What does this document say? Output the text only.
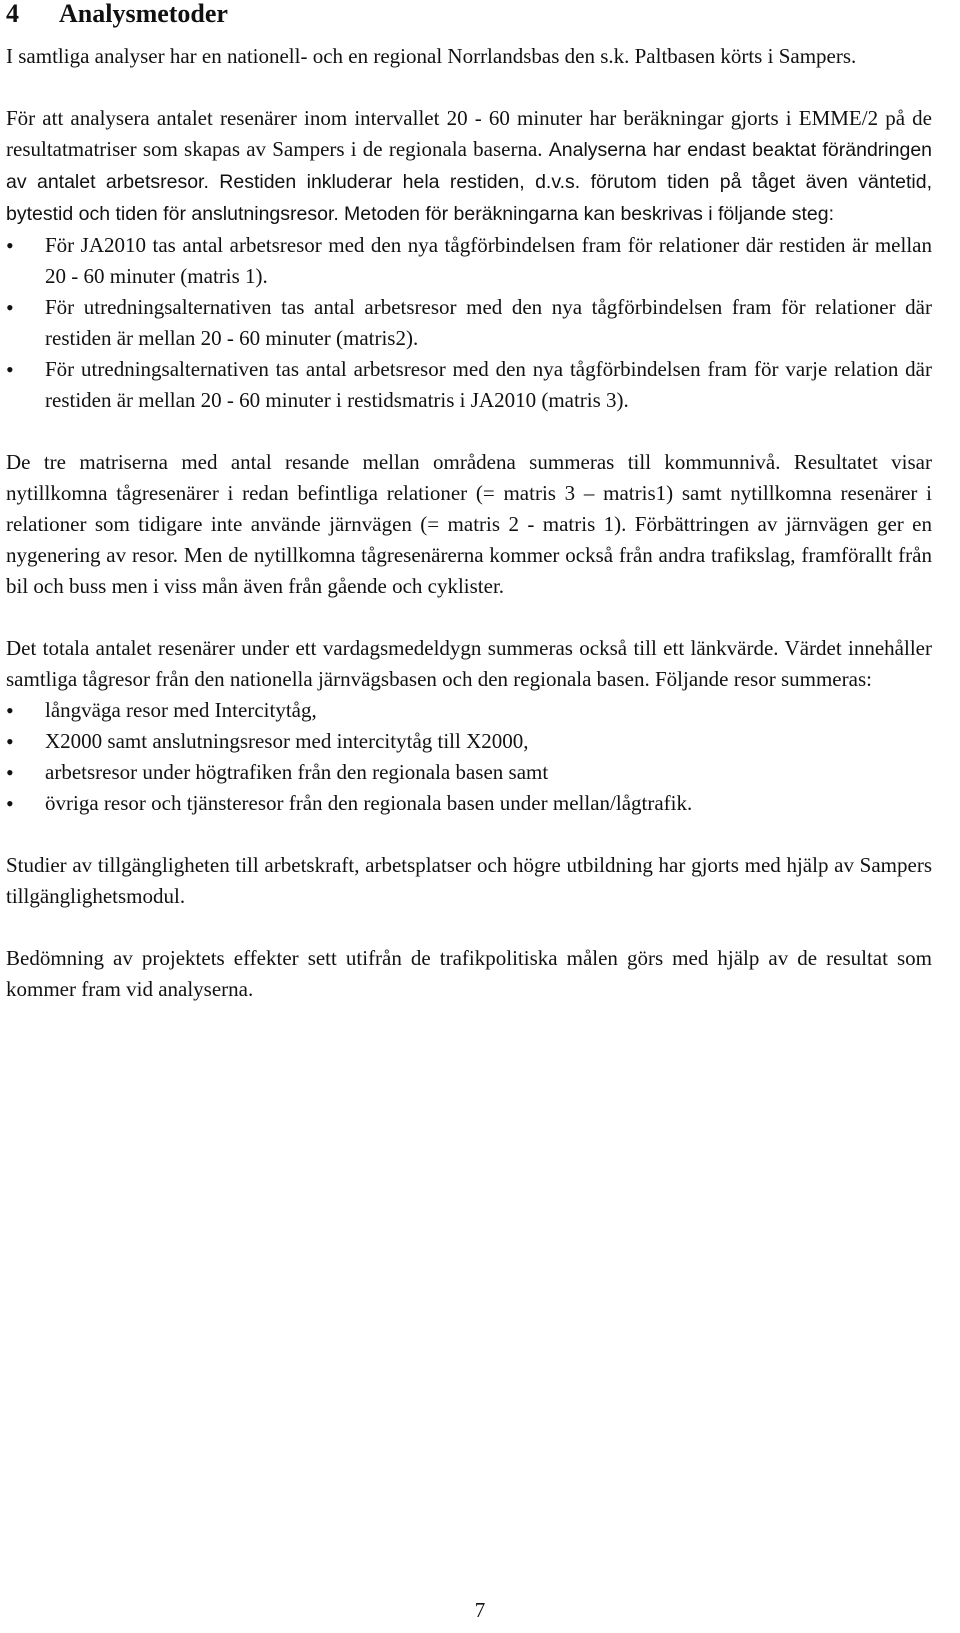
4 Analysmetoder

I samtliga analyser har en nationell- och en regional Norrlandsbas den s.k. Paltbasen körts i Sampers.

För att analysera antalet resenärer inom intervallet 20 - 60 minuter har beräkningar gjorts i EMME/2 på de resultatmatriser som skapas av Sampers i de regionala baserna. Analyserna har endast beaktat förändringen av antalet arbetsresor. Restiden inkluderar hela restiden, d.v.s. förutom tiden på tåget även väntetid, bytestid och tiden för anslutningsresor. Metoden för beräkningarna kan beskrivas i följande steg:

• För JA2010 tas antal arbetsresor med den nya tågförbindelsen fram för relationer där restiden är mellan 20 - 60 minuter (matris 1).
• För utredningsalternativen tas antal arbetsresor med den nya tågförbindelsen fram för relationer där restiden är mellan 20 - 60 minuter (matris2).
• För utredningsalternativen tas antal arbetsresor med den nya tågförbindelsen fram för varje relation där restiden är mellan 20 - 60 minuter i restidsmatris i JA2010 (matris 3).

De tre matriserna med antal resande mellan områdena summeras till kommunnivå. Resultatet visar nytillkomna tågresenärer i redan befintliga relationer (= matris 3 – matris1) samt nytillkomna resenärer i relationer som tidigare inte använde järnvägen (= matris 2 - matris 1). Förbättringen av järnvägen ger en nygenering av resor. Men de nytillkomna tågresenärerna kommer också från andra trafikslag, framförallt från bil och buss men i viss mån även från gående och cyklister.

Det totala antalet resenärer under ett vardagsmedeldygn summeras också till ett länkvärde. Värdet innehåller samtliga tågresor från den nationella järnvägsbasen och den regionala basen. Följande resor summeras:

• långväga resor med Intercitytåg,
• X2000 samt anslutningsresor med intercitytåg till X2000,
• arbetsresor under högtrafiken från den regionala basen samt
• övriga resor och tjänsteresor från den regionala basen under mellan/lågtrafik.

Studier av tillgängligheten till arbetskraft, arbetsplatser och högre utbildning har gjorts med hjälp av Sampers tillgänglighetsmodul.

Bedömning av projektets effekter sett utifrån de trafikpolitiska målen görs med hjälp av de resultat som kommer fram vid analyserna.

7
